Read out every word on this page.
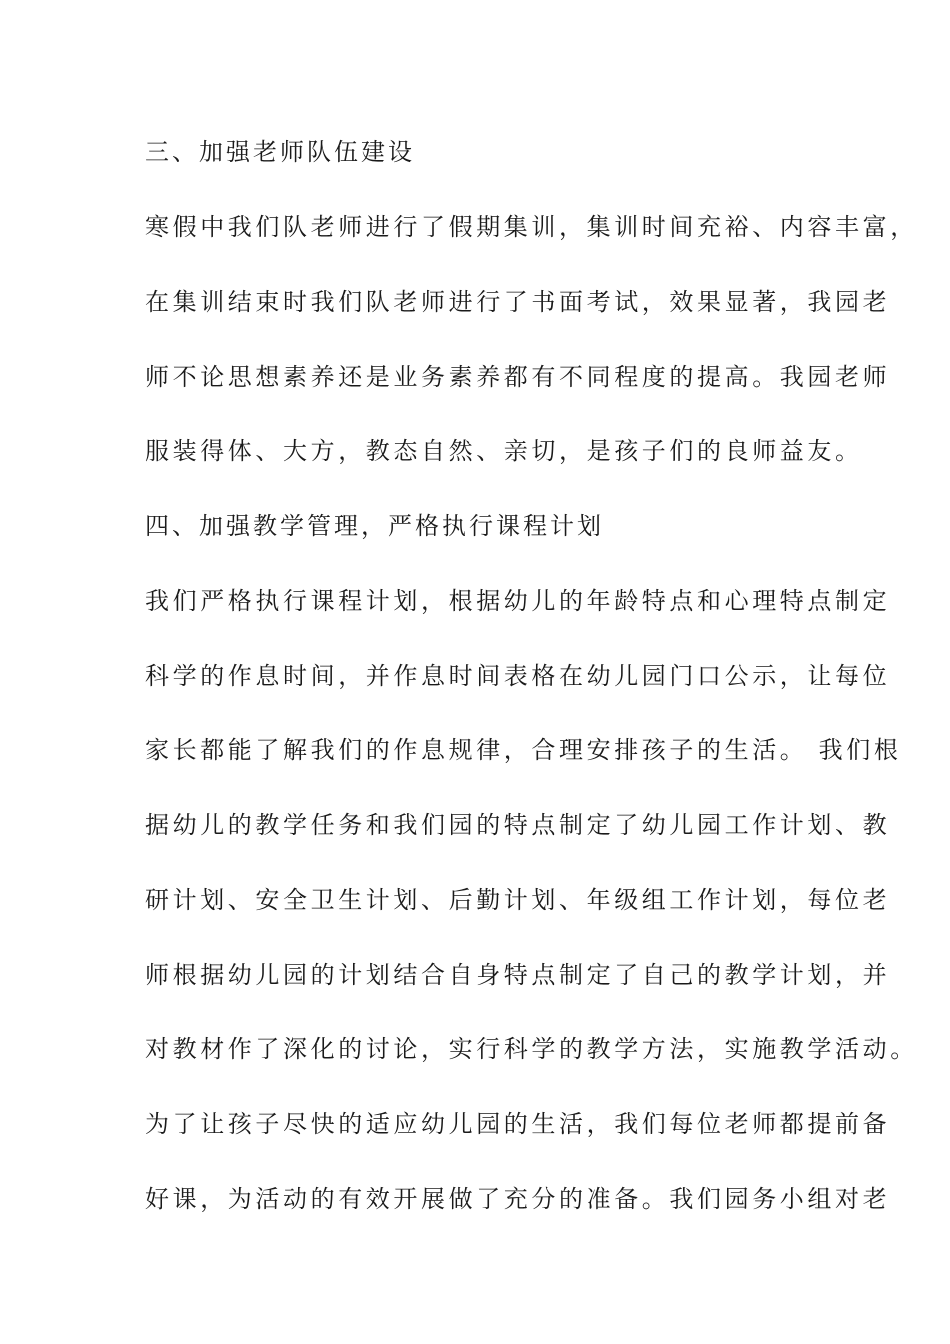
三、加强老师队伍建设
寒假中我们队老师进行了假期集训，集训时间充裕、内容丰富，
在集训结束时我们队老师进行了书面考试，效果显著，我园老
师不论思想素养还是业务素养都有不同程度的提高。我园老师
服装得体、大方，教态自然、亲切，是孩子们的良师益友。
四、加强教学管理，严格执行课程计划
我们严格执行课程计划，根据幼儿的年龄特点和心理特点制定
科学的作息时间，并作息时间表格在幼儿园门口公示，让每位
家长都能了解我们的作息规律，合理安排孩子的生活。 我们根
据幼儿的教学任务和我们园的特点制定了幼儿园工作计划、教
研计划、安全卫生计划、后勤计划、年级组工作计划，每位老
师根据幼儿园的计划结合自身特点制定了自己的教学计划，并
对教材作了深化的讨论，实行科学的教学方法，实施教学活动。
为了让孩子尽快的适应幼儿园的生活，我们每位老师都提前备
好课，为活动的有效开展做了充分的准备。我们园务小组对老
